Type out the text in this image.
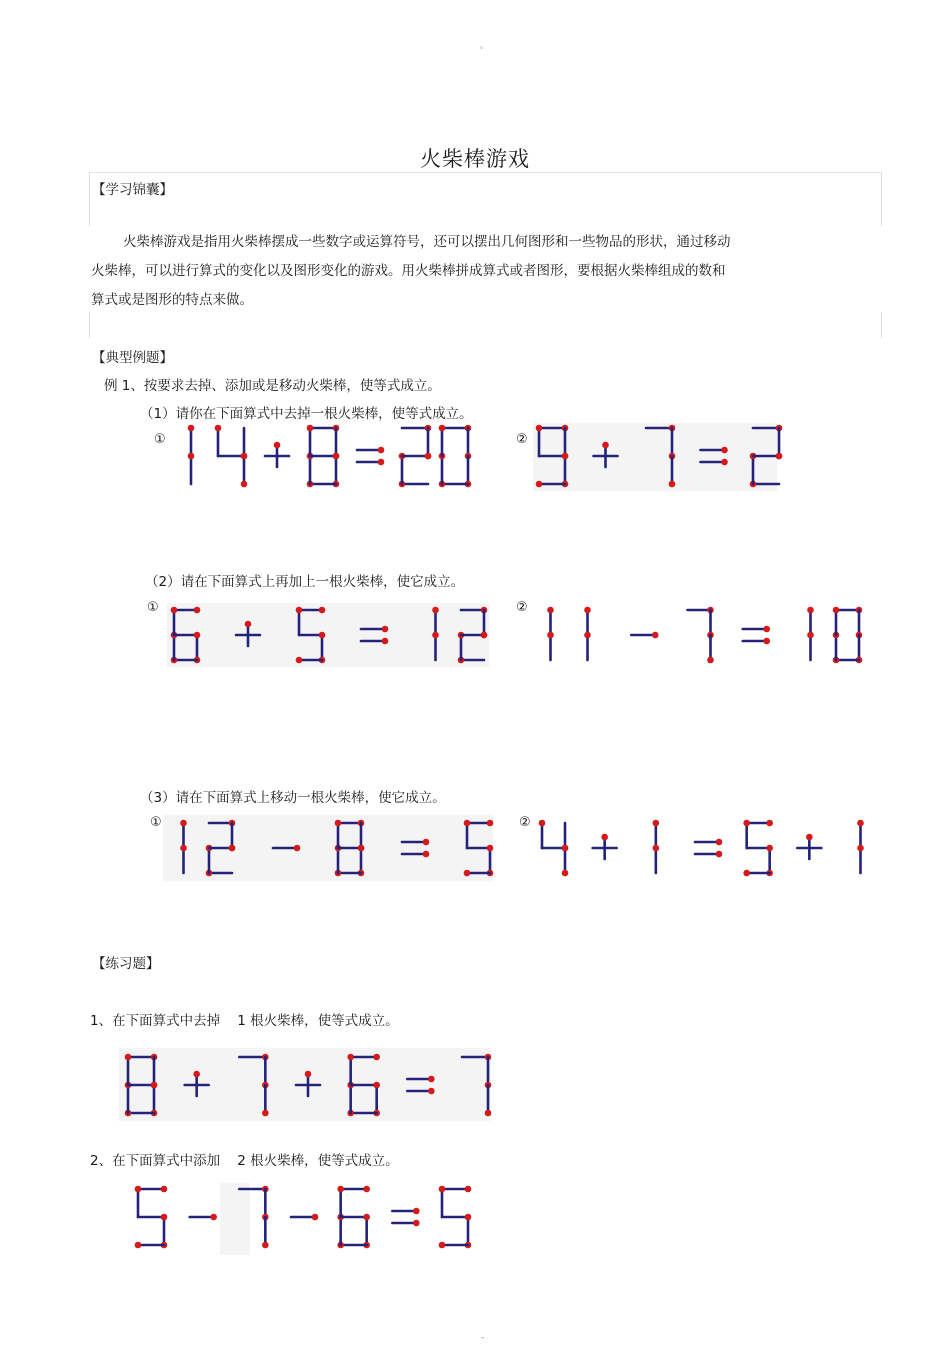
。
-
火柴棒游戏
【学习锦囊】
火柴棒游戏是指用火柴棒摆成一些数字或运算符号，还可以摆出几何图形和一些物品的形状，通过移动
火柴棒，可以进行算式的变化以及图形变化的游戏。用火柴棒拼成算式或者图形，要根据火柴棒组成的数和
算式或是图形的特点来做。
【典型例题】
例 1、按要求去掉、添加或是移动火柴棒，使等式成立。
（1）请你在下面算式中去掉一根火柴棒，使等式成立。
①	②
（2）请在下面算式上再加上一根火柴棒，使它成立。
①	②
（3）请在下面算式上移动一根火柴棒，使它成立。
①	②
【练习题】
1、在下面算式中去掉    1 根火柴棒，使等式成立。
2、在下面算式中添加    2 根火柴棒，使等式成立。
